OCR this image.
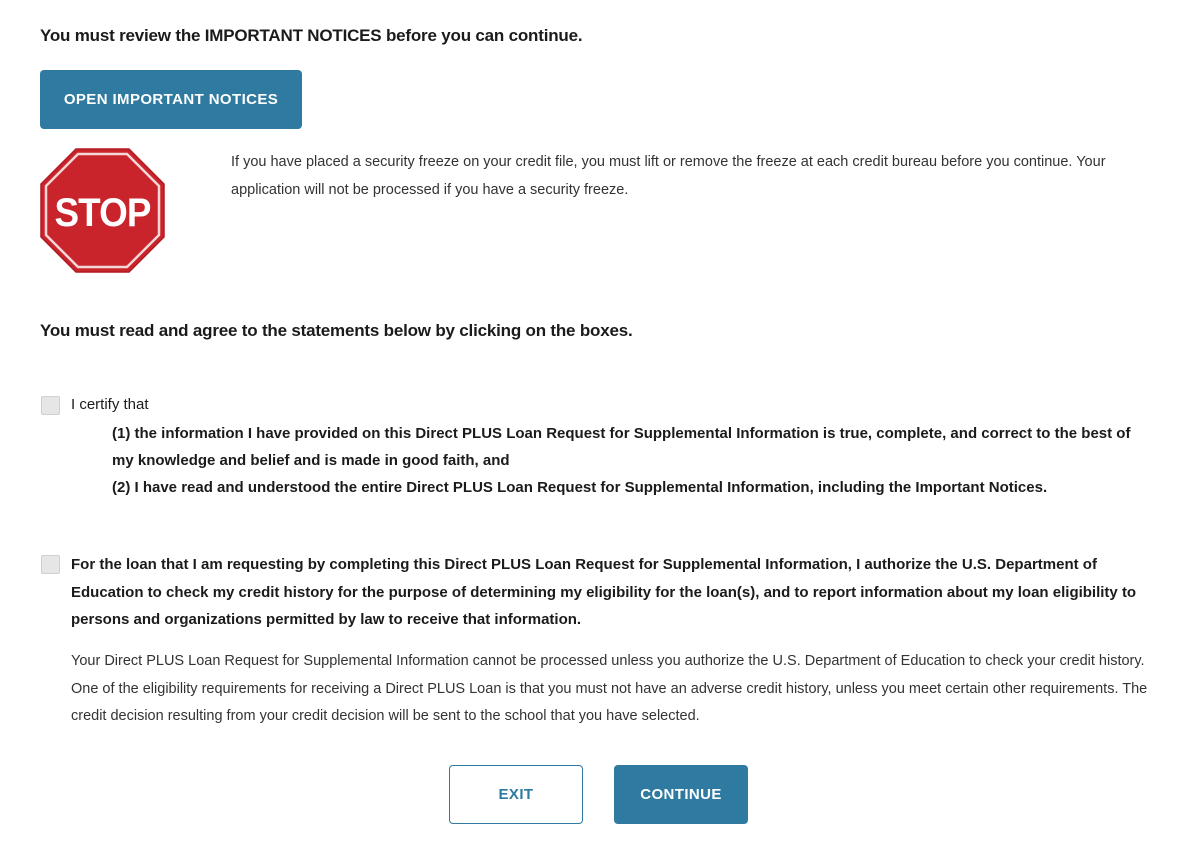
You must review the IMPORTANT NOTICES before you can continue.

OPEN IMPORTANT NOTICES
STOP

If you have placed a security freeze on your credit file, you must lift or remove the freeze at each credit bureau before you continue. Your application will not be processed if you have a security freeze.

You must read and agree to the statements below by clicking on the boxes.

I certify that

(1) the information I have provided on this Direct PLUS Loan Request for Supplemental Information is true, complete, and correct to the best of my knowledge and belief and is made in good faith, and
(2) I have read and understood the entire Direct PLUS Loan Request for Supplemental Information, including the Important Notices.

For the loan that I am requesting by completing this Direct PLUS Loan Request for Supplemental Information, I authorize the U.S. Department of Education to check my credit history for the purpose of determining my eligibility for the loan(s), and to report information about my loan eligibility to persons and organizations permitted by law to receive that information.

Your Direct PLUS Loan Request for Supplemental Information cannot be processed unless you authorize the U.S. Department of Education to check your credit history. One of the eligibility requirements for receiving a Direct PLUS Loan is that you must not have an adverse credit history, unless you meet certain other requirements. The credit decision resulting from your credit decision will be sent to the school that you have selected.

EXIT	CONTINUE
